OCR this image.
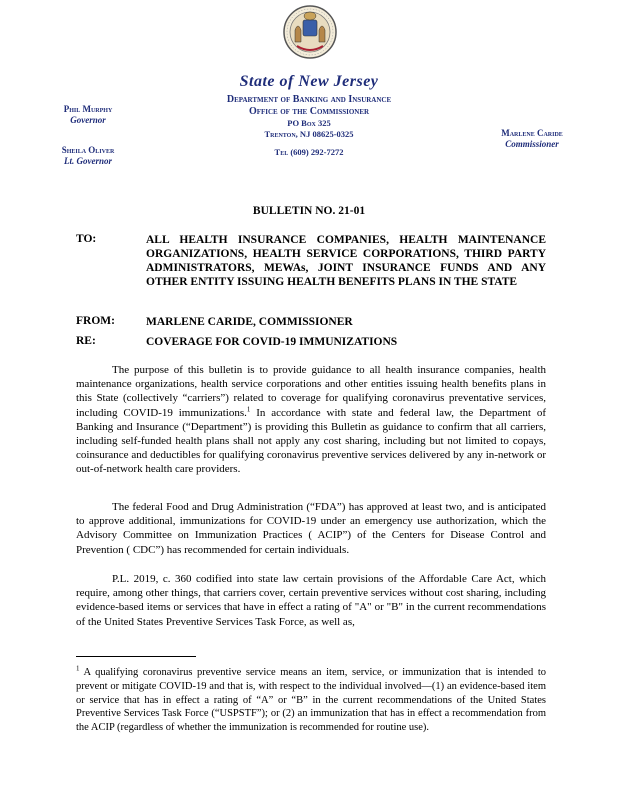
State of New Jersey
Department of Banking and Insurance
Office of the Commissioner
PO Box 325
Trenton, NJ 08625-0325
Tel (609) 292-7272
Phil Murphy
Governor
Sheila Oliver
Lt. Governor
Marlene Caride
Commissioner
BULLETIN NO. 21-01
TO:	ALL HEALTH INSURANCE COMPANIES, HEALTH MAINTENANCE ORGANIZATIONS, HEALTH SERVICE CORPORATIONS, THIRD PARTY ADMINISTRATORS, MEWAs, JOINT INSURANCE FUNDS AND ANY OTHER ENTITY ISSUING HEALTH BENEFITS PLANS IN THE STATE
FROM:	MARLENE CARIDE, COMMISSIONER
RE:	COVERAGE FOR COVID-19 IMMUNIZATIONS

The purpose of this bulletin is to provide guidance to all health insurance companies, health maintenance organizations, health service corporations and other entities issuing health benefits plans in this State (collectively “carriers”) related to coverage for qualifying coronavirus preventative services, including COVID-19 immunizations.$^1$ In accordance with state and federal law, the Department of Banking and Insurance (“Department”) is providing this Bulletin as guidance to confirm that all carriers, including self-funded health plans shall not apply any cost sharing, including but not limited to copays, coinsurance and deductibles for qualifying coronavirus preventive services delivered by any in-network or out-of-network health care providers.

The federal Food and Drug Administration (“FDA”) has approved at least two, and is anticipated to approve additional, immunizations for COVID-19 under an emergency use authorization, which the Advisory Committee on Immunization Practices ( ACIP”) of the Centers for Disease Control and Prevention ( CDC”) has recommended for certain individuals.

P.L. 2019, c. 360 codified into state law certain provisions of the Affordable Care Act, which require, among other things, that carriers cover, certain preventive services without cost sharing, including evidence-based items or services that have in effect a rating of "A" or "B" in the current recommendations of the United States Preventive Services Task Force, as well as,

$^1$ A qualifying coronavirus preventive service means an item, service, or immunization that is intended to prevent or mitigate COVID-19 and that is, with respect to the individual involved—(1) an evidence-based item or service that has in effect a rating of “A” or “B” in the current recommendations of the United States Preventive Services Task Force (“USPSTF”); or (2) an immunization that has in effect a recommendation from the ACIP (regardless of whether the immunization is recommended for routine use).
